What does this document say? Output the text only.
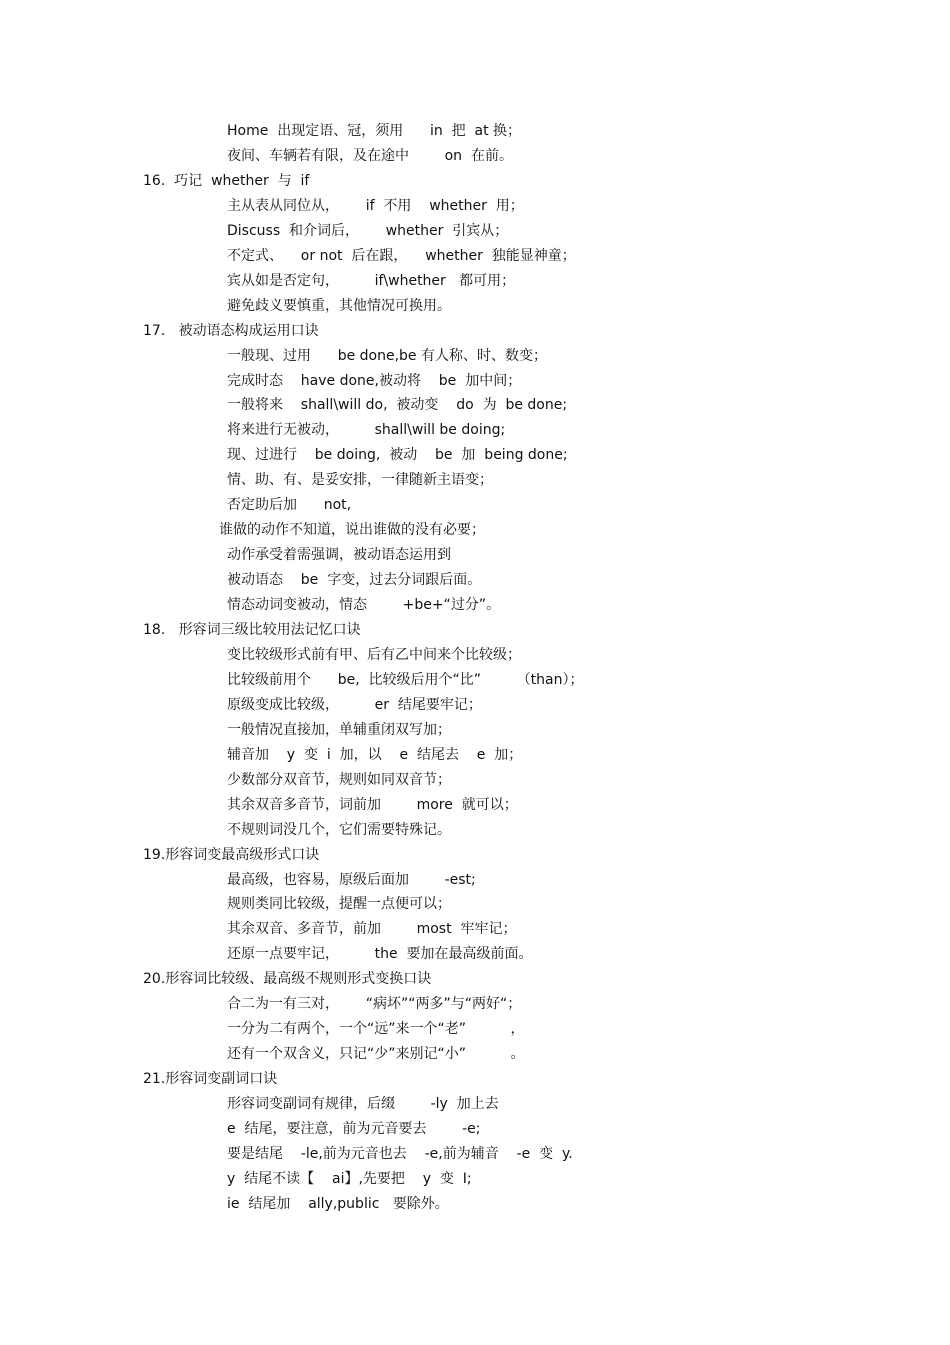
Home  出现定语、冠，须用      in  把  at 换；
夜间、车辆若有限，及在途中        on  在前。
16.  巧记  whether  与  if
主从表从同位从，      if  不用    whether  用；
Discuss  和介词后，      whether  引宾从；
不定式、    or not  后在跟，    whether  独能显神童；
宾从如是否定句，        if\whether   都可用；
避免歧义要慎重，其他情况可换用。
17.   被动语态构成运用口诀
一般现、过用      be done,be 有人称、时、数变；
完成时态    have done,被动将    be  加中间；
一般将来    shall\will do,  被动变    do  为  be done;
将来进行无被动，        shall\will be doing;
现、过进行    be doing,  被动    be  加  being done;
情、助、有、是妥安排，一律随新主语变；
否定助后加      not,
谁做的动作不知道，说出谁做的没有必要；
动作承受着需强调，被动语态运用到
被动语态    be  字变，过去分词跟后面。
情态动词变被动，情态        +be+“过分”。
18.   形容词三级比较用法记忆口诀
变比较级形式前有甲、后有乙中间来个比较级；
比较级前用个      be,  比较级后用个“比”        （than）；
原级变成比较级，        er  结尾要牢记；
一般情况直接加，单辅重闭双写加；
辅音加    y  变  i  加，以    e  结尾去    e  加；
少数部分双音节，规则如同双音节；
其余双音多音节，词前加        more  就可以；
不规则词没几个，它们需要特殊记。
19.形容词变最高级形式口诀
最高级，也容易，原级后面加        -est;
规则类同比较级，提醒一点便可以；
其余双音、多音节，前加        most  牢牢记；
还原一点要牢记，        the  要加在最高级前面。
20.形容词比较级、最高级不规则形式变换口诀
合二为一有三对，      “病坏”“两多”与“两好“；
一分为二有两个，一个“远”来一个“老”          ，
还有一个双含义，只记“少”来别记“小”          。
21.形容词变副词口诀
形容词变副词有规律，后缀        -ly  加上去
e  结尾，要注意，前为元音要去        -e;
要是结尾    -le,前为元音也去    -e,前为辅音    -e  变  y.
y  结尾不读【    ai】,先要把    y  变  I;
ie  结尾加    ally,public   要除外。
